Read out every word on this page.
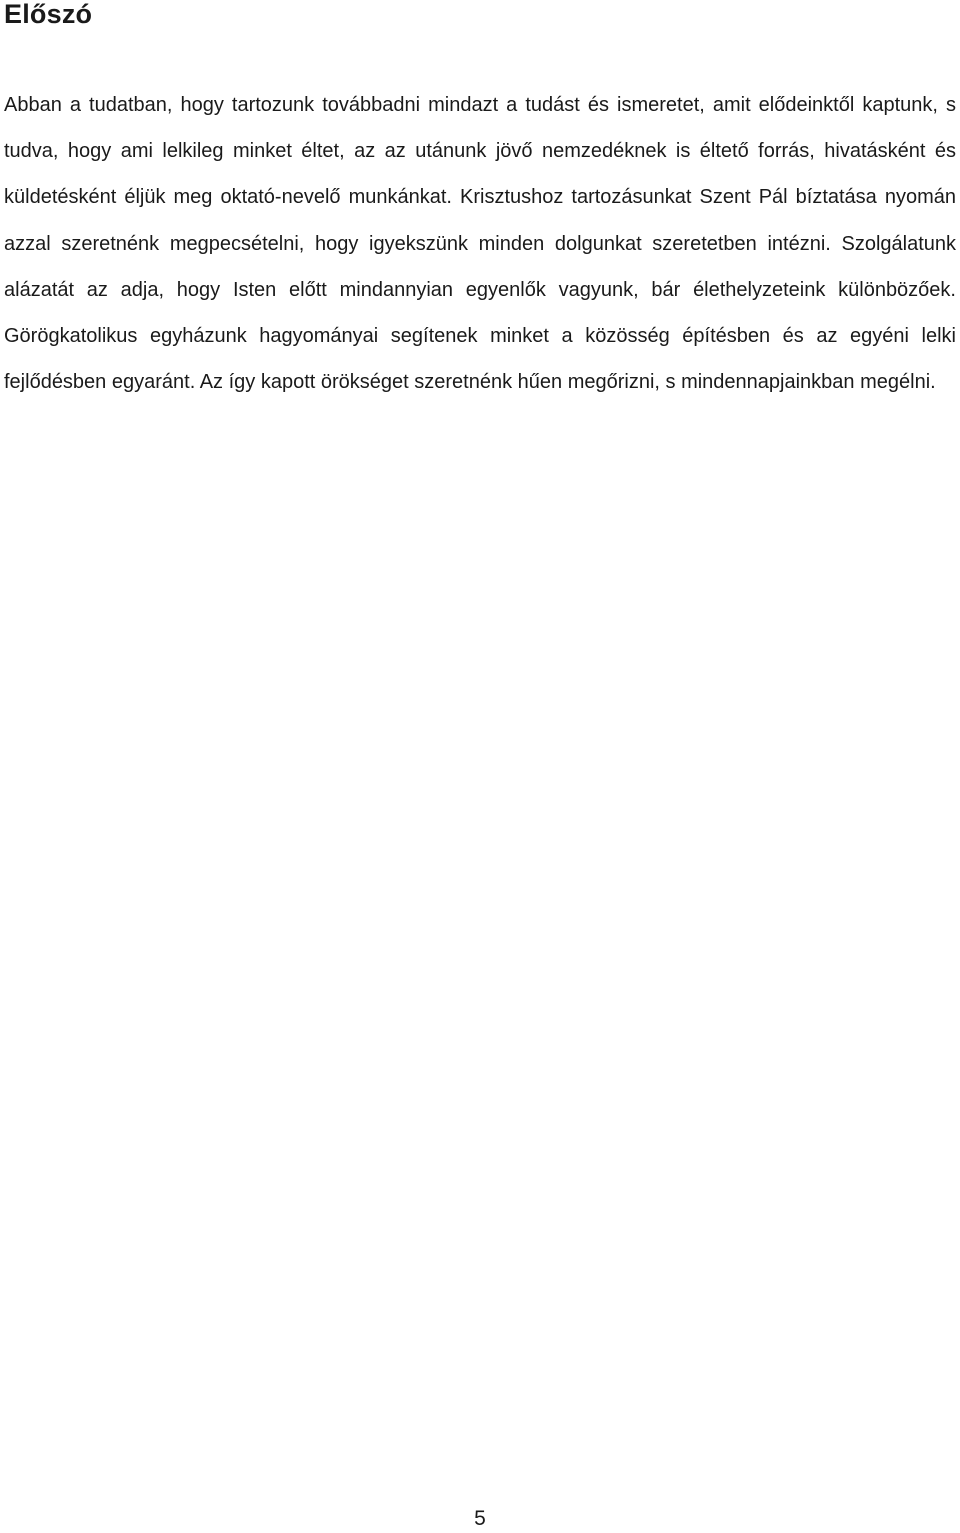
Előszó

Abban a tudatban, hogy tartozunk továbbadni mindazt a tudást és ismeretet, amit elődeinktől kaptunk, s tudva, hogy ami lelkileg minket éltet, az az utánunk jövő nemzedéknek is éltető forrás, hivatásként és küldetésként éljük meg oktató-nevelő munkánkat. Krisztushoz tartozásunkat Szent Pál bíztatása nyomán azzal szeretnénk megpecsételni, hogy igyekszünk minden dolgunkat szeretetben intézni. Szolgálatunk alázatát az adja, hogy Isten előtt mindannyian egyenlők vagyunk, bár élethelyzeteink különbözőek. Görögkatolikus egyházunk hagyományai segítenek minket a közösség építésben és az egyéni lelki fejlődésben egyaránt. Az így kapott örökséget szeretnénk hűen megőrizni, s mindennapjainkban megélni.

5
